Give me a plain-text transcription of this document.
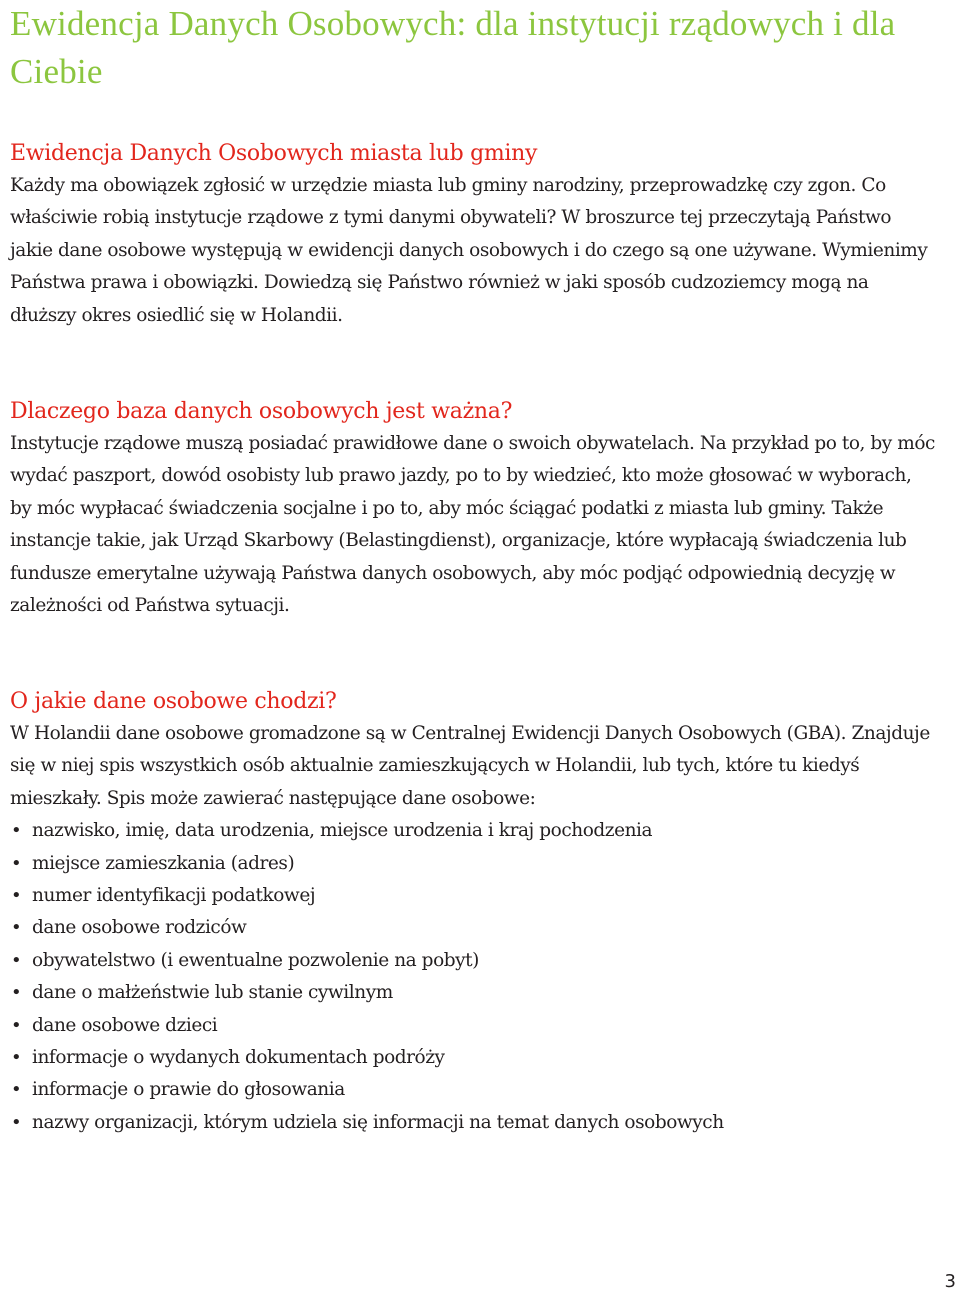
Ewidencja Danych Osobowych: dla instytucji rządowych i dla Ciebie
Ewidencja Danych Osobowych miasta lub gminy

Każdy ma obowiązek zgłosić w urzędzie miasta lub gminy narodziny, przeprowadzkę czy zgon. Co właściwie robią instytucje rządowe z tymi danymi obywateli? W broszurce tej przeczytają Państwo jakie dane osobowe występują w ewidencji danych osobowych i do czego są one używane. Wymienimy Państwa prawa i obowiązki. Dowiedzą się Państwo również w jaki sposób cudzoziemcy mogą na dłuższy okres osiedlić się w Holandii.

Dlaczego baza danych osobowych jest ważna?

Instytucje rządowe muszą posiadać prawidłowe dane o swoich obywatelach. Na przykład po to, by móc wydać paszport, dowód osobisty lub prawo jazdy, po to by wiedzieć, kto może głosować w wyborach, by móc wypłacać świadczenia socjalne i po to, aby móc ściągać podatki z miasta lub gminy. Także instancje takie, jak Urząd Skarbowy (Belastingdienst), organizacje, które wypłacają świadczenia lub fundusze emerytalne używają Państwa danych osobowych, aby móc podjąć odpowiednią decyzję w zależności od Państwa sytuacji.

O jakie dane osobowe chodzi?

W Holandii dane osobowe gromadzone są w Centralnej Ewidencji Danych Osobowych (GBA). Znajduje się w niej spis wszystkich osób aktualnie zamieszkujących w Holandii, lub tych, które tu kiedyś mieszkały. Spis może zawierać następujące dane osobowe:

• nazwisko, imię, data urodzenia, miejsce urodzenia i kraj pochodzenia
• miejsce zamieszkania (adres)
• numer identyfikacji podatkowej
• dane osobowe rodziców
• obywatelstwo (i ewentualne pozwolenie na pobyt)
• dane o małżeństwie lub stanie cywilnym
• dane osobowe dzieci
• informacje o wydanych dokumentach podróży
• informacje o prawie do głosowania
• nazwy organizacji, którym udziela się informacji na temat danych osobowych
3
